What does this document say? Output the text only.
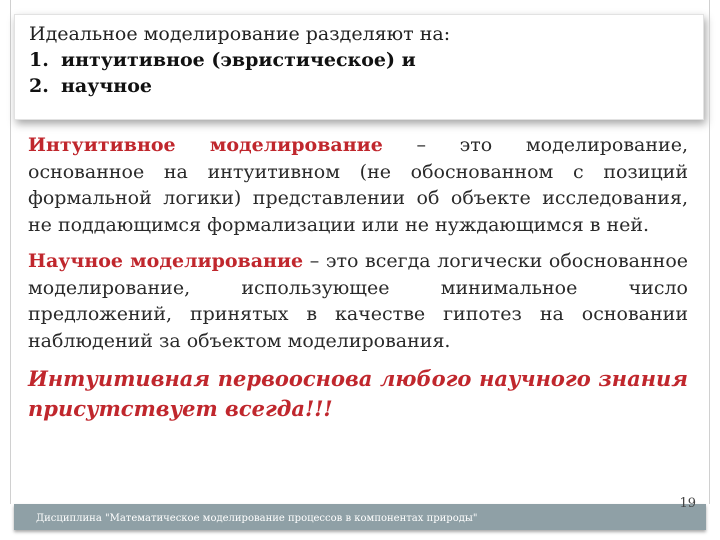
Идеальное моделирование разделяют на:

1. интуитивное (эвристическое) и
2. научное

Интуитивное моделирование – это моделирование, основанное на интуитивном (не обоснованном с позиций формальной логики) представлении об объекте исследования, не поддающимся формализации или не нуждающимся в ней.

Научное моделирование – это всегда логически обоснованное моделирование, использующее минимальное число предложений, принятых в качестве гипотез на основании наблюдений за объектом моделирования.

Интуитивная первооснова любого научного знания присутствует всегда!!!

Дисциплина "Математическое моделирование процессов в компонентах природы"
19
